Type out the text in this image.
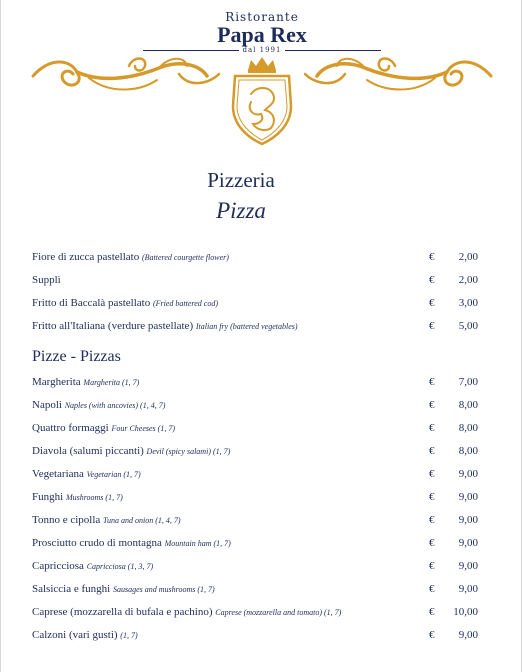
Ristorante
Papa Rex
dal 1991
Pizzeria
Pizza
Fiore di zucca pastellato (Battered courgette flower)	€ 2,00
Supplì	€ 2,00
Fritto di Baccalà pastellato (Fried battered cod)	€ 3,00
Fritto all'Italiana (verdure pastellate) Italian fry (battered vegetables)	€ 5,00
Pizze - Pizzas
Margherita Margherita (1, 7)	€ 7,00
Napoli Naples (with ancovies) (1, 4, 7)	€ 8,00
Quattro formaggi Four Cheeses (1, 7)	€ 8,00
Diavola (salumi piccanti) Devil (spicy salami) (1, 7)	€ 8,00
Vegetariana Vegetarian (1, 7)	€ 9,00
Funghi Mushrooms (1, 7)	€ 9,00
Tonno e cipolla Tuna and onion (1, 4, 7)	€ 9,00
Prosciutto crudo di montagna Mountain ham (1, 7)	€ 9,00
Capricciosa Capricciosa (1, 3, 7)	€ 9,00
Salsiccia e funghi Sausages and mushrooms (1, 7)	€ 9,00
Caprese (mozzarella di bufala e pachino) Caprese (mozzarella and tomato) (1, 7)	€ 10,00
Calzoni (vari gusti) (1, 7)	€ 9,00
